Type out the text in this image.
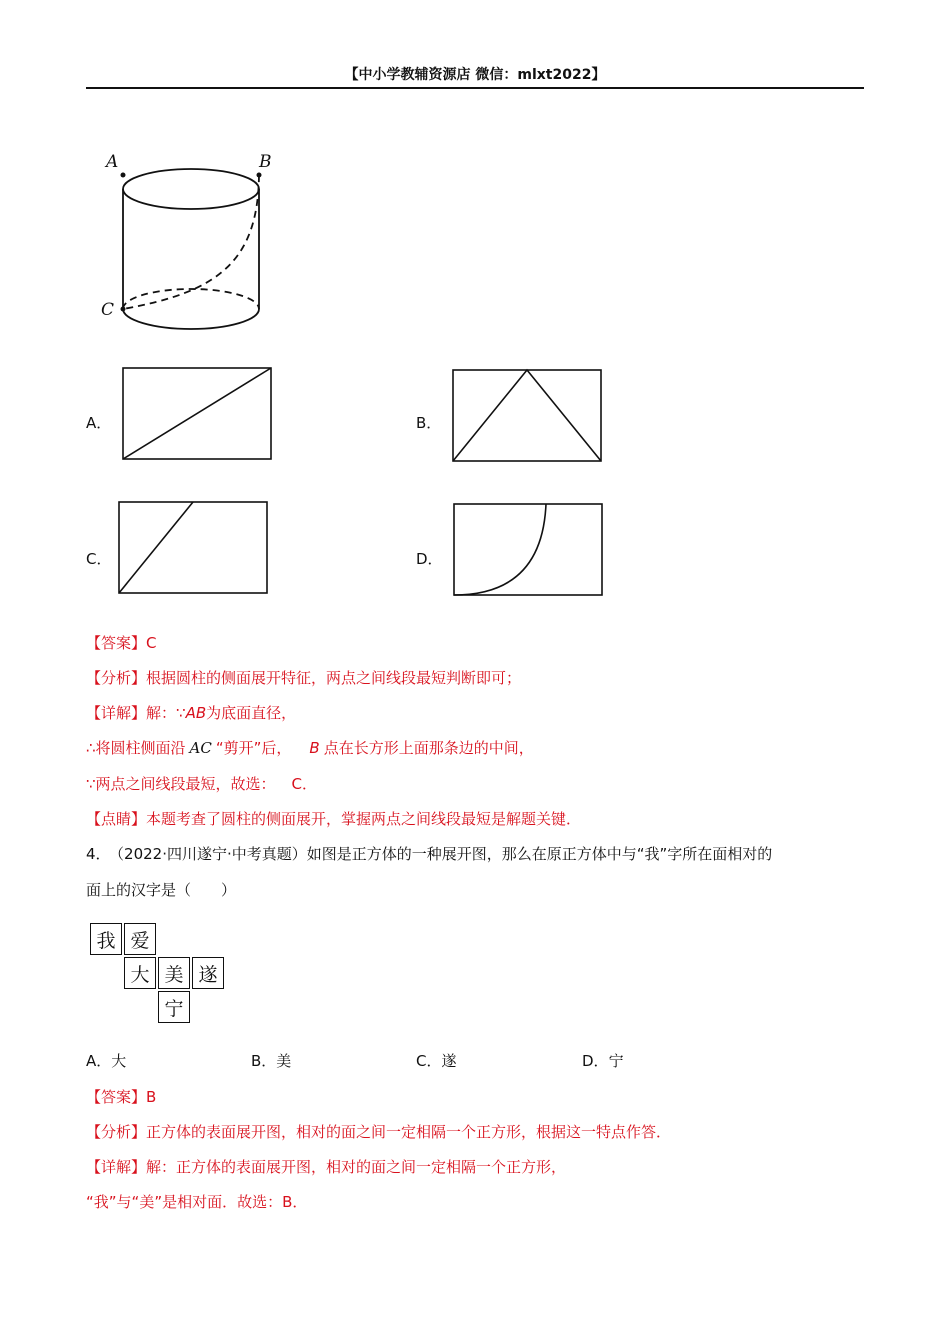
【中小学教辅资源店 微信：mlxt2022】
A	B
C
A．	B．
C．	D．
【答案】C
【分析】根据圆柱的侧面展开特征，两点之间线段最短判断即可；
【详解】解：∵AB为底面直径，
∴将圆柱侧面沿 AC “剪开”后， B 点在长方形上面那条边的中间，
∵两点之间线段最短，故选： C．
【点睛】本题考查了圆柱的侧面展开，掌握两点之间线段最短是解题关键．
4． （2022·四川遂宁·中考真题）如图是正方体的一种展开图，那么在原正方体中与“我”字所在面相对的
面上的汉字是（　　）
我 爱
大 美 遂
宁
A．大	B．美	C．遂	D．宁
【答案】B
【分析】正方体的表面展开图，相对的面之间一定相隔一个正方形，根据这一特点作答．
【详解】解：正方体的表面展开图，相对的面之间一定相隔一个正方形，
“我”与“美”是相对面．故选：B．
